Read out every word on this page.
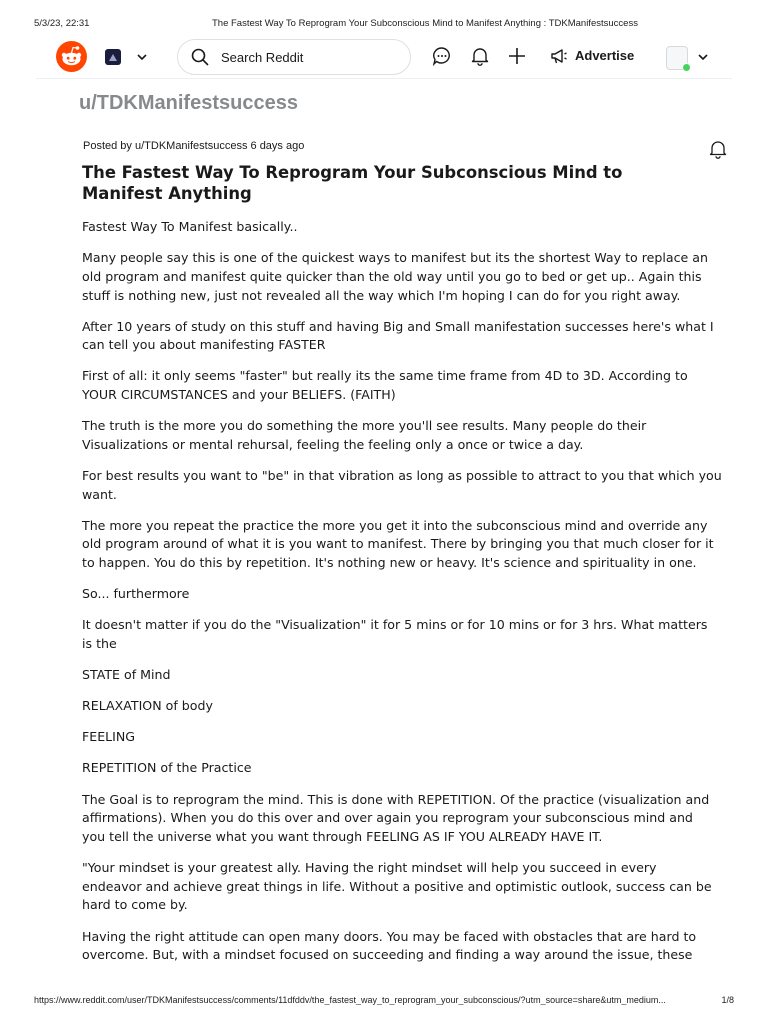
5/3/23, 22:31	The Fastest Way To Reprogram Your Subconscious Mind to Manifest Anything : TDKManifestsuccess
Search Reddit
Advertise
u/TDKManifestsuccess
Posted by u/TDKManifestsuccess 6 days ago
The Fastest Way To Reprogram Your Subconscious Mind to Manifest Anything

Fastest Way To Manifest basically..

Many people say this is one of the quickest ways to manifest but its the shortest Way to replace an
old program and manifest quite quicker than the old way until you go to bed or get up.. Again this
stuff is nothing new, just not revealed all the way which I'm hoping I can do for you right away.

After 10 years of study on this stuff and having Big and Small manifestation successes here's what I
can tell you about manifesting FASTER

First of all: it only seems "faster" but really its the same time frame from 4D to 3D. According to
YOUR CIRCUMSTANCES and your BELIEFS. (FAITH)

The truth is the more you do something the more you'll see results. Many people do their
Visualizations or mental rehursal, feeling the feeling only a once or twice a day.

For best results you want to "be" in that vibration as long as possible to attract to you that which you
want.

The more you repeat the practice the more you get it into the subconscious mind and override any
old program around of what it is you want to manifest. There by bringing you that much closer for it
to happen. You do this by repetition. It's nothing new or heavy. It's science and spirituality in one.

So... furthermore

It doesn't matter if you do the "Visualization" it for 5 mins or for 10 mins or for 3 hrs. What matters
is the

STATE of Mind

RELAXATION of body

FEELING

REPETITION of the Practice

The Goal is to reprogram the mind. This is done with REPETITION. Of the practice (visualization and
affirmations). When you do this over and over again you reprogram your subconscious mind and
you tell the universe what you want through FEELING AS IF YOU ALREADY HAVE IT.

"Your mindset is your greatest ally. Having the right mindset will help you succeed in every
endeavor and achieve great things in life. Without a positive and optimistic outlook, success can be
hard to come by.

Having the right attitude can open many doors. You may be faced with obstacles that are hard to
overcome. But, with a mindset focused on succeeding and finding a way around the issue, these

https://www.reddit.com/user/TDKManifestsuccess/comments/11dfddv/the_fastest_way_to_reprogram_your_subconscious/?utm_source=share&utm_medium...	1/8
